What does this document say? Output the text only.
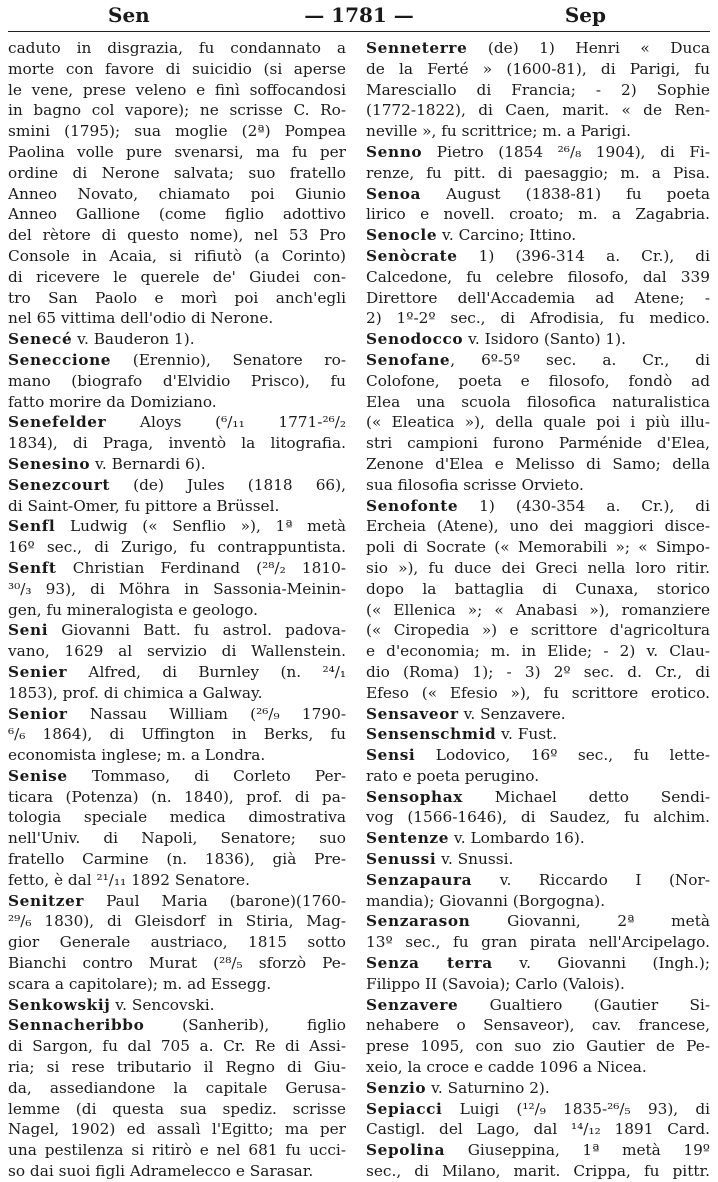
Sen	— 1781 —	Sep
caduto in disgrazia, fu condannato a
morte con favore di suicidio (si aperse
le vene, prese veleno e finì soffocandosi
in bagno col vapore); ne scrisse C. Ro-
smini (1795); sua moglie (2ª) Pompea
Paolina volle pure svenarsi, ma fu per
ordine di Nerone salvata; suo fratello
Anneo Novato, chiamato poi Giunio
Anneo Gallione (come figlio adottivo
del rètore di questo nome), nel 53 Pro
Console in Acaia, si rifiutò (a Corinto)
di ricevere le querele de' Giudei con-
tro San Paolo e morì poi anch'egli
nel 65 vittima dell'odio di Nerone.
Senecé v. Bauderon 1).
Seneccione (Erennio), Senatore ro-
mano (biografo d'Elvidio Prisco), fu
fatto morire da Domiziano.
Senefelder Aloys (⁶/₁₁ 1771-²⁶/₂
1834), di Praga, inventò la litografia.
Senesino v. Bernardi 6).
Senezcourt (de) Jules (1818 66),
di Saint-Omer, fu pittore a Brüssel.
Senfl Ludwig (« Senflio »), 1ª metà
16º sec., di Zurigo, fu contrappuntista.
Senft Christian Ferdinand (²⁸/₂ 1810-
³⁰/₃ 93), di Möhra in Sassonia-Meinin-
gen, fu mineralogista e geologo.
Seni Giovanni Batt. fu astrol. padova-
vano, 1629 al servizio di Wallenstein.
Senier Alfred, di Burnley (n. ²⁴/₁
1853), prof. di chimica a Galway.
Senior Nassau William (²⁶/₉ 1790-
⁶/₆ 1864), di Uffington in Berks, fu
economista inglese; m. a Londra.
Senise Tommaso, di Corleto Per-
ticara (Potenza) (n. 1840), prof. di pa-
tologia speciale medica dimostrativa
nell'Univ. di Napoli, Senatore; suo
fratello Carmine (n. 1836), già Pre-
fetto, è dal ²¹/₁₁ 1892 Senatore.
Senitzer Paul Maria (barone)(1760-
²⁹/₆ 1830), di Gleisdorf in Stiria, Mag-
gior Generale austriaco, 1815 sotto
Bianchi contro Murat (²⁸/₅ sforzò Pe-
scara a capitolare); m. ad Essegg.
Senkowskij v. Sencovski.
Sennacheribbo (Sanherib), figlio
di Sargon, fu dal 705 a. Cr. Re di Assi-
ria; si rese tributario il Regno di Giu-
da, assediandone la capitale Gerusa-
lemme (di questa sua spediz. scrisse
Nagel, 1902) ed assalì l'Egitto; ma per
una pestilenza si ritirò e nel 681 fu ucci-
so dai suoi figli Adramelecco e Sarasar.
Senneterre (de) 1) Henri « Duca
de la Ferté » (1600-81), di Parigi, fu
Maresciallo di Francia; - 2) Sophie
(1772-1822), di Caen, marit. « de Ren-
neville », fu scrittrice; m. a Parigi.
Senno Pietro (1854 ²⁶/₈ 1904), di Fi-
renze, fu pitt. di paesaggio; m. a Pisa.
Senoa August (1838-81) fu poeta
lirico e novell. croato; m. a Zagabria.
Senocle v. Carcino; Ittino.
Senòcrate 1) (396-314 a. Cr.), di
Calcedone, fu celebre filosofo, dal 339
Direttore dell'Accademia ad Atene; -
2) 1º-2º sec., di Afrodisia, fu medico.
Senodocco v. Isidoro (Santo) 1).
Senofane, 6º-5º sec. a. Cr., di
Colofone, poeta e filosofo, fondò ad
Elea una scuola filosofica naturalistica
(« Eleatica »), della quale poi i più illu-
stri campioni furono Parménide d'Elea,
Zenone d'Elea e Melisso di Samo; della
sua filosofia scrisse Orvieto.
Senofonte 1) (430-354 a. Cr.), di
Ercheia (Atene), uno dei maggiori disce-
poli di Socrate (« Memorabili »; « Simpo-
sio »), fu duce dei Greci nella loro ritir.
dopo la battaglia di Cunaxa, storico
(« Ellenica »; « Anabasi »), romanziere
(« Ciropedia ») e scrittore d'agricoltura
e d'economia; m. in Elide; - 2) v. Clau-
dio (Roma) 1); - 3) 2º sec. d. Cr., di
Efeso (« Efesio »), fu scrittore erotico.
Sensaveor v. Senzavere.
Sensenschmid v. Fust.
Sensi Lodovico, 16º sec., fu lette-
rato e poeta perugino.
Sensophax Michael detto Sendi-
vog (1566-1646), di Saudez, fu alchim.
Sentenze v. Lombardo 16).
Senussi v. Snussi.
Senzapaura v. Riccardo I (Nor-
mandia); Giovanni (Borgogna).
Senzarason Giovanni, 2ª metà
13º sec., fu gran pirata nell'Arcipelago.
Senza terra v. Giovanni (Ingh.);
Filippo II (Savoia); Carlo (Valois).
Senzavere Gualtiero (Gautier Si-
nehabere o Sensaveor), cav. francese,
prese 1095, con suo zio Gautier de Pe-
xeio, la croce e cadde 1096 a Nicea.
Senzio v. Saturnino 2).
Sepiacci Luigi (¹²/₉ 1835-²⁶/₅ 93), di
Castigl. del Lago, dal ¹⁴/₁₂ 1891 Card.
Sepolina Giuseppina, 1ª metà 19º
sec., di Milano, marit. Crippa, fu pittr.
